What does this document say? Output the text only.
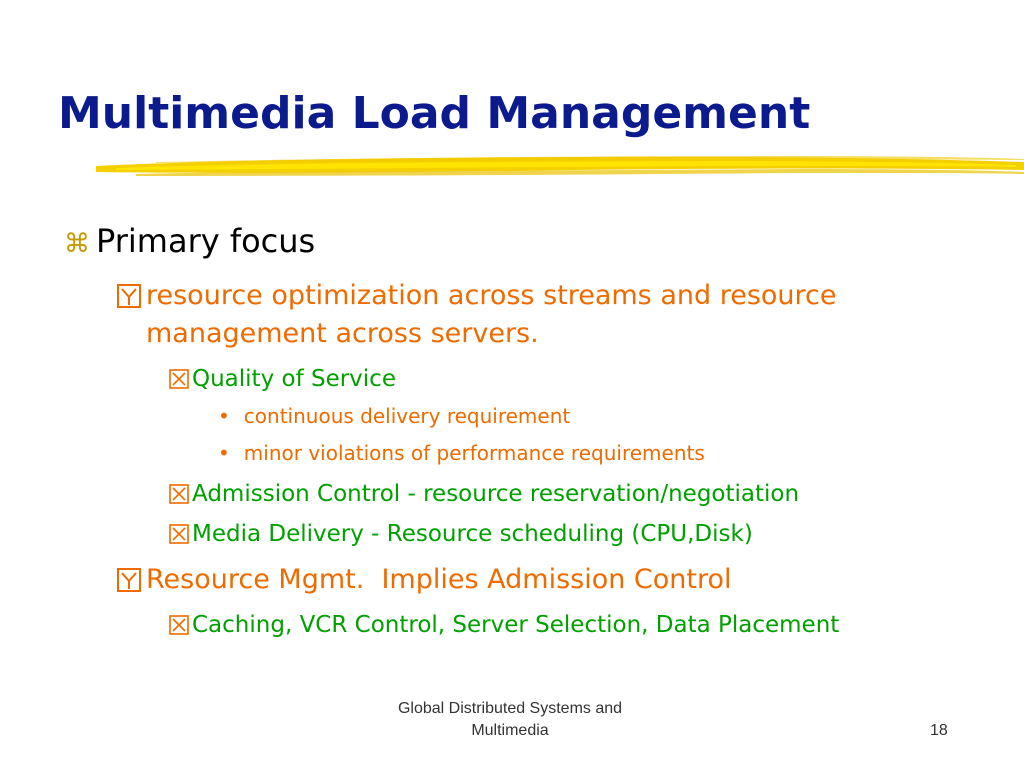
Multimedia Load Management
⌘ Primary focus
resource optimization across streams and resource
management across servers.
Quality of Service
• continuous delivery requirement
• minor violations of performance requirements
Admission Control - resource reservation/negotiation
Media Delivery - Resource scheduling (CPU,Disk)
Resource Mgmt.  Implies Admission Control
Caching, VCR Control, Server Selection, Data Placement
Global Distributed Systems and
Multimedia	18
